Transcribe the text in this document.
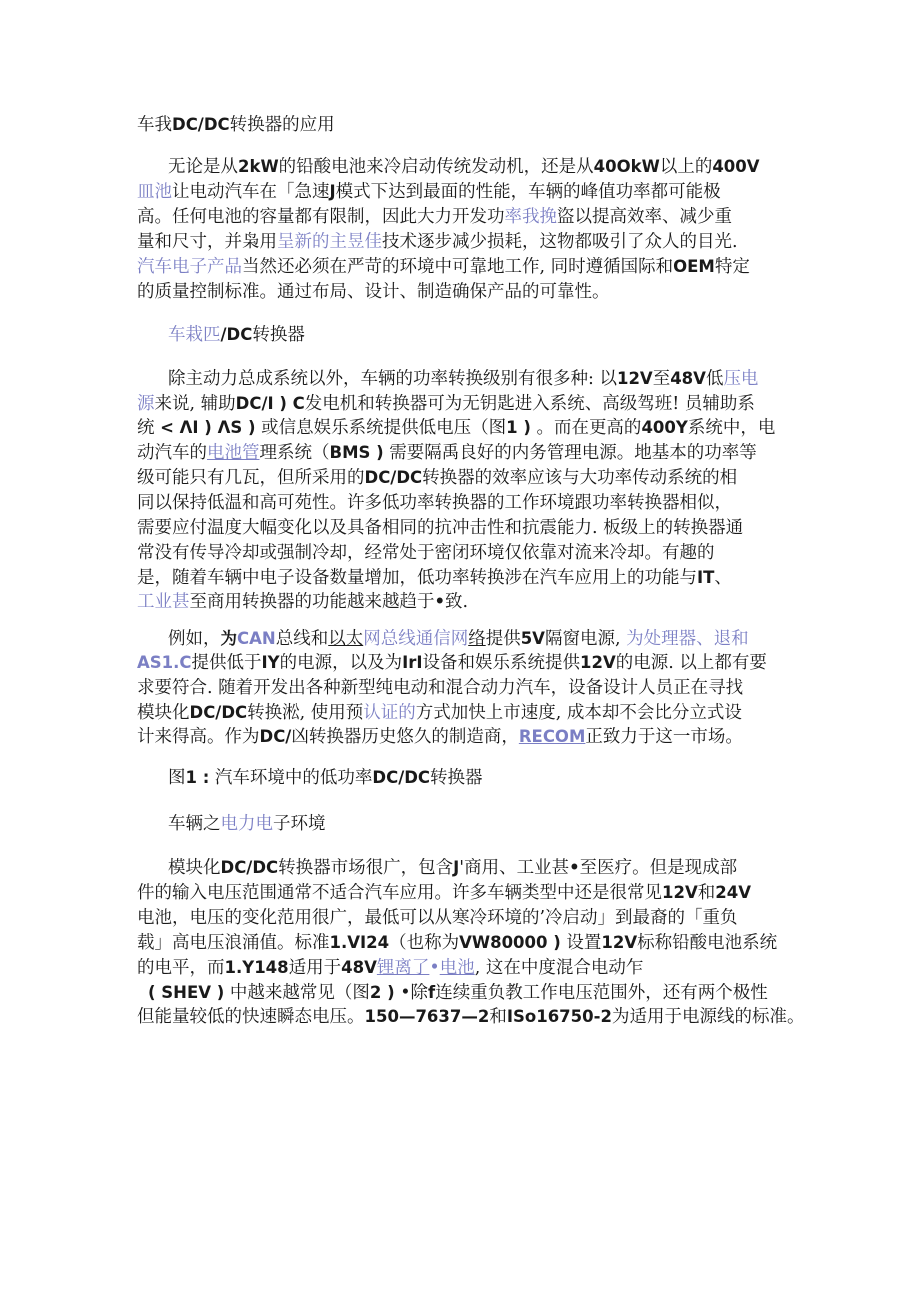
车我DC/DC转换器的应用
无论是从2kW的铅酸电池来冷启动传统发动机，还是从40OkW以上的400V
皿池让电动汽车在「急速J模式下达到最面的性能，车辆的峰值功率都可能极
高。任何电池的容量都有限制，因此大力开发功率我挽盜以提高效率、减少重
量和尺寸，并枭用呈新的主昱佳技术逐步减少损耗，这物都吸引了众人的目光.
汽车电子产品当然还必须在严苛的环境中可靠地工作, 同时遵循国际和OEM特定
的质量控制标准。通过布局、设计、制造确保产品的可靠性。
车栽匹/DC转换器
除主动力总成系统以外，车辆的功率转换级别有很多种: 以12V至48V低压电
源来说, 辅助DC/I ) C发电机和转换器可为无钥匙进入系统、高级驾班! 员辅助系
统 < ΛI ) ΛS ) 或信息娱乐系统提供低电压（图1 ) 。而在更高的400Y系统中，电
动汽车的电池管理系统（BMS ) 需要隔禹良好的内务管理电源。地基本的功率等
级可能只有几瓦，但所采用的DC/DC转换器的效率应该与大功率传动系统的相
同以保持低温和高可苑性。许多低功率转换器的工作环境跟功率转换器相似，
需要应付温度大幅变化以及具备相同的抗冲击性和抗震能力. 板级上的转换器通
常没有传导冷却或强制冷却，经常处于密闭环境仅依靠对流来冷却。有趣的
是，随着车辆中电子设备数量增加，低功率转换涉在汽车应用上的功能与IT、
工业甚至商用转换器的功能越来越趋于•致.
例如，为CAN总线和以太网总线通信网络提供5V隔窗电源, 为处理器、退和
AS1.C提供低于IY的电源，以及为IrI设备和娱乐系统提供12V的电源. 以上都有要
求要符合. 随着开发出各种新型纯电动和混合动力汽车，设备设计人员正在寻找
模块化DC/DC转换淞, 使用预认证的方式加快上市速度, 成本却不会比分立式设
计来得高。作为DC/凶转换器历史悠久的制造商，RECOM正致力于这一市场。
图1 : 汽车环境中的低功率DC/DC转换器
车辆之电力电子环境
模块化DC/DC转换器市场很广，包含J'商用、工业甚•至医疗。但是现成部
件的输入电压范围通常不适合汽车应用。许多车辆类型中还是很常见12V和24V
电池，电压的变化范用很广，最低可以从寒冷环境的’冷启动」到最裔的「重负
载」高电压浪涌值。标准1.VI24（也称为VW80000 ) 设置12V标称铅酸电池系统
的电平，而1.Y148适用于48V锂离了•电池, 这在中度混合电动乍
( SHEV ) 中越来越常见（图2 ) •除f连续重负教工作电压范围外，还有两个极性
但能量较低的快速瞬态电压。150—7637—2和ISo16750-2为适用于电源线的标准。
